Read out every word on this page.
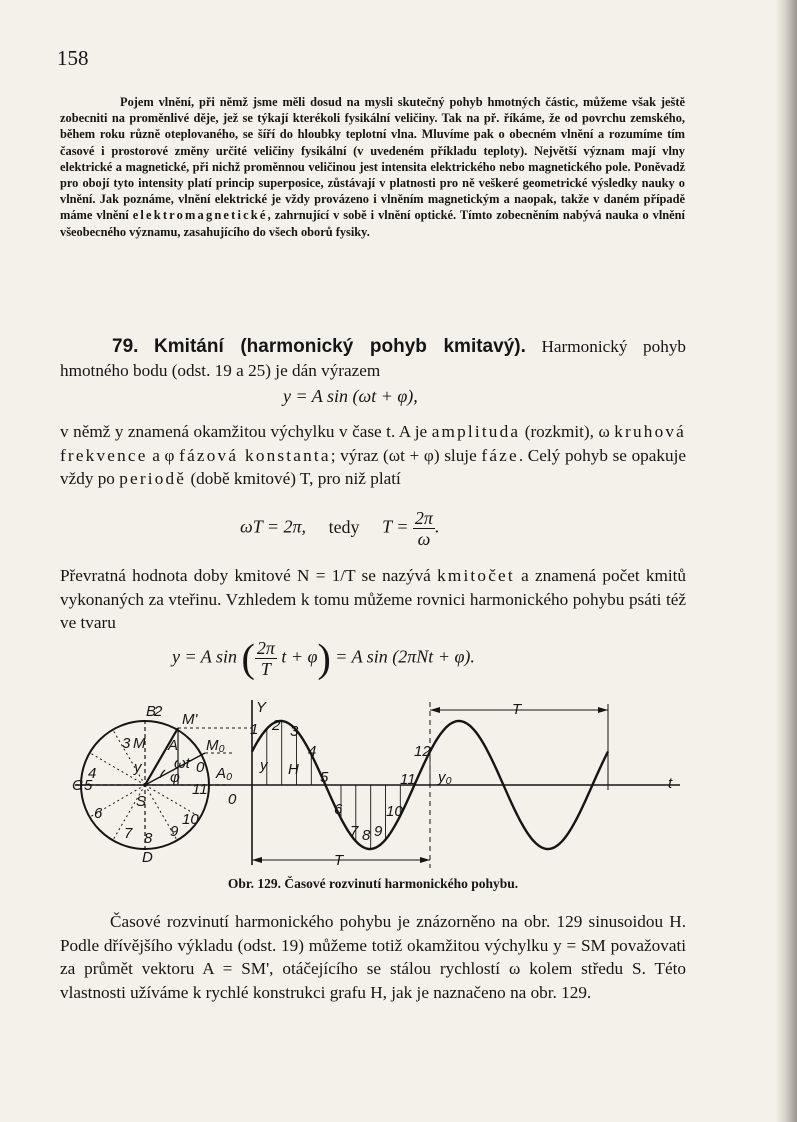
158

Pojem vlnění, při němž jsme měli dosud na mysli skutečný pohyb hmotných částic, můžeme však ještě zobecniti na proměnlivé děje, jež se týkají kterékoli fysikální veličiny. Tak na př. říkáme, že od povrchu zemského, během roku různě oteplovaného, se šíří do hloubky teplotní vlna. Mluvíme pak o obecném vlnění a rozumíme tím časové i prostorové změny určité veličiny fysikální (v uvedeném příkladu teploty). Největší význam mají vlny elektrické a magnetické, při nichž proměnnou veličinou jest intensita elektrického nebo magnetického pole. Poněvadž pro obojí tyto intensity platí princip superposice, zůstávají v platnosti pro ně veškeré geometrické výsledky nauky o vlnění. Jak poznáme, vlnění elektrické je vždy provázeno i vlněním magnetickým a naopak, takže v daném případě máme vlnění elektromagnetické, zahrnující v sobě i vlnění optické. Tímto zobecněním nabývá nauka o vlnění všeobecného významu, zasahujícího do všech oborů fysiky.

79. Kmitání (harmonický pohyb kmitavý). Harmonický pohyb hmotného bodu (odst. 19 a 25) je dán výrazem
y = A sin (ωt + φ),

v němž y znamená okamžitou výchylku v čase t. A je amplituda (rozkmit), ω kruhová frekvence a φ fázová konstanta; výraz (ωt + φ) sluje fáze. Celý pohyb se opakuje vždy po periodě (době kmitové) T, pro niž platí

ωT = 2π, tedy $T = \frac{2\pi}{\omega}$ .

Převratná hodnota doby kmitové N = 1/T se nazývá kmitočet a znamená počet kmitů vykonaných za vteřinu. Vzhledem k tomu můžeme rovnici harmonického pohybu psáti též ve tvaru

y = A sin ( $\frac{2\pi}{T}$ t + φ) = A sin (2πNt + φ).
B
2 M'
Y
3 M A
ωt
M₀
φ
y	0 A₀
4
C 5
S
11
6	10
7	9
8
D
0
y H	y₀	t
T
T
1 2 3
4
5
6
7 8 9
10
11
12
Obr. 129. Časové rozvinutí harmonického pohybu.

Časové rozvinutí harmonického pohybu je znázorněno na obr. 129 sinusoidou H. Podle dřívějšího výkladu (odst. 19) můžeme totiž okamžitou výchylku y = SM považovati za průmět vektoru A = SM', otáčejícího se stálou rychlostí ω kolem středu S. Této vlastnosti užíváme k rychlé konstrukci grafu H, jak je naznačeno na obr. 129.
